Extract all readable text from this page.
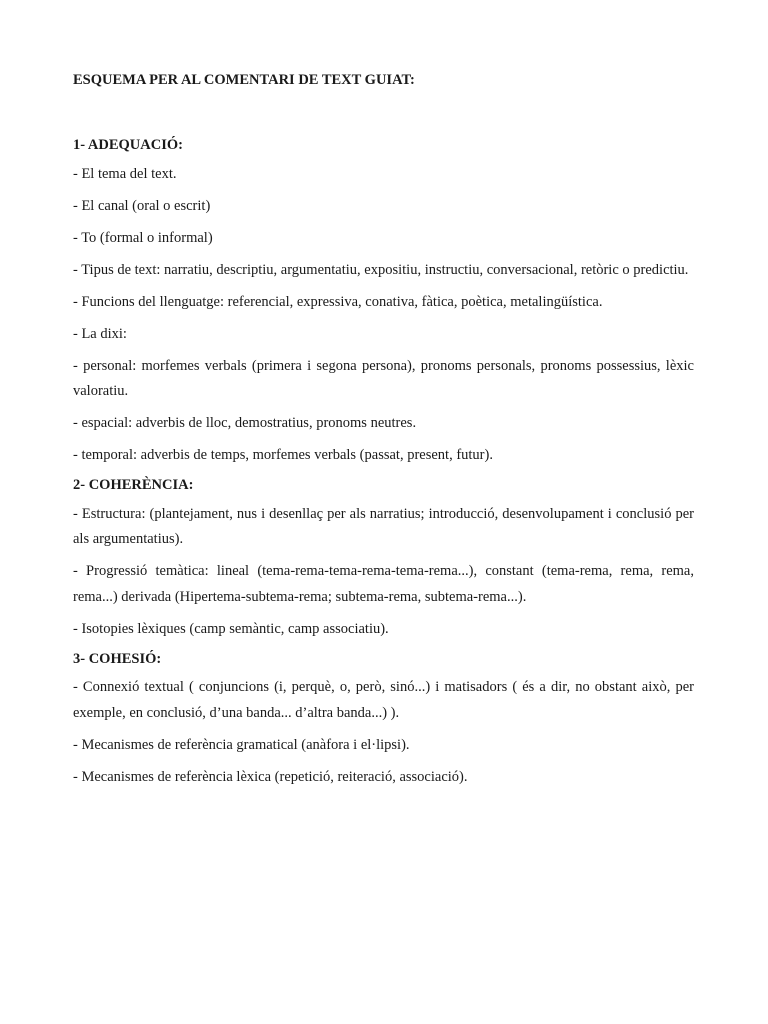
ESQUEMA PER AL COMENTARI DE TEXT GUIAT:

1- ADEQUACIÓ:

- El tema del text.

- El canal (oral o escrit)

- To (formal o informal)

- Tipus de text: narratiu, descriptiu, argumentatiu, expositiu, instructiu, conversacional, retòric o predictiu.

- Funcions del llenguatge: referencial, expressiva, conativa, fàtica, poètica, metalingüística.

- La dixi:

- personal: morfemes verbals (primera i segona persona), pronoms personals, pronoms possessius, lèxic valoratiu.

- espacial: adverbis de lloc, demostratius, pronoms neutres.

- temporal: adverbis de temps, morfemes verbals (passat, present, futur).

2- COHERÈNCIA:

- Estructura: (plantejament, nus i desenllaç per als narratius; introducció, desenvolupament i conclusió per als argumentatius).

- Progressió temàtica: lineal (tema-rema-tema-rema-tema-rema...), constant (tema-rema, rema, rema, rema...) derivada (Hipertema-subtema-rema; subtema-rema, subtema-rema...).

- Isotopies lèxiques (camp semàntic, camp associatiu).

3- COHESIÓ:

- Connexió textual ( conjuncions (i, perquè, o, però, sinó...) i matisadors ( és a dir, no obstant això, per exemple, en conclusió, d’una banda... d’altra banda...) ).

- Mecanismes de referència gramatical (anàfora i el·lipsi).

- Mecanismes de referència lèxica (repetició, reiteració, associació).
